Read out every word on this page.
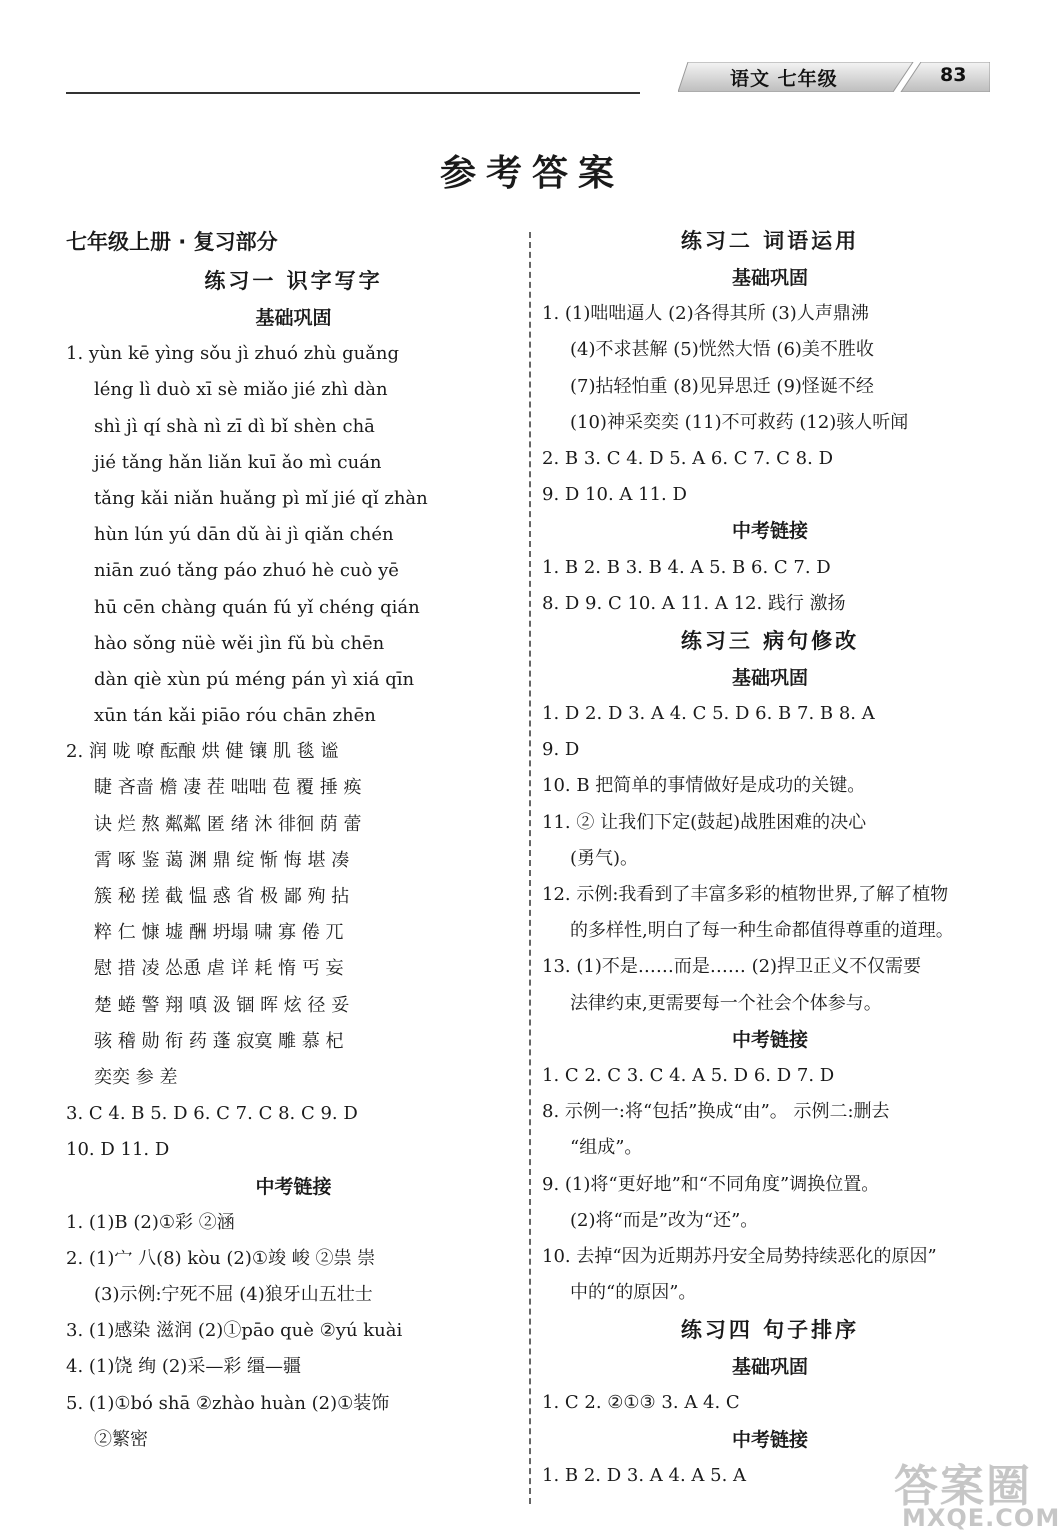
语文 七年级	83
参考答案
七年级上册 · 复习部分
练习一 识字写字
基础巩固
1. yùn kē yìng sǒu jì zhuó zhù guǎng
léng lì duò xī sè miǎo jié zhì dàn
shì jì qí shà nì zī dì bǐ shèn chā
jié tǎng hǎn liǎn kuī ǎo mì cuán
tǎng kǎi niǎn huǎng pì mǐ jié qǐ zhàn
hùn lún yú dān dǔ ài jì qiǎn chén
niān zuó tǎng páo zhuó hè cuò yē
hū cēn chàng quán fú yǐ chéng qián
hào sǒng nüè wěi jìn fǔ bù chēn
dàn qiè xùn pú méng pán yì xiá qīn
xūn tán kǎi piāo róu chān zhēn
2. 润 咙 嘹 酝酿 烘 健 镶 肌 毯 谧
睫 吝啬 檐 凄 茬 咄咄 苞 覆 捶 痪
诀 烂 熬 粼粼 匿 绪 沐 徘徊 荫 蕾
霄 啄 鉴 蔼 渊 鼎 绽 惭 悔 堪 凑
簇 秘 搓 截 愠 惑 省 极 鄙 殉 拈
粹 仁 慷 墟 酬 坍塌 啸 寡 倦 兀
慰 措 凌 怂恿 虐 详 耗 惰 丐 妄
楚 蜷 警 翔 嗔 汲 锢 晖 炫 径 妥
骇 稽 勋 衔 药 蓬 寂寞 雕 慕 杞
奕奕 参 差
3. C 4. B 5. D 6. C 7. C 8. C 9. D
10. D 11. D
中考链接
1. (1)B (2)①彩 ②涵
2. (1)宀 八(8) kòu (2)①竣 峻 ②祟 崇
(3)示例:宁死不屈 (4)狼牙山五壮士
3. (1)感染 滋润 (2)①pāo què ②yú kuài
4. (1)饶 绚 (2)采—彩 缰—疆
5. (1)①bó shā ②zhào huàn (2)①装饰
②繁密
练习二 词语运用
基础巩固
1. (1)咄咄逼人 (2)各得其所 (3)人声鼎沸
(4)不求甚解 (5)恍然大悟 (6)美不胜收
(7)拈轻怕重 (8)见异思迁 (9)怪诞不经
(10)神采奕奕 (11)不可救药 (12)骇人听闻
2. B 3. C 4. D 5. A 6. C 7. C 8. D
9. D 10. A 11. D
中考链接
1. B 2. B 3. B 4. A 5. B 6. C 7. D
8. D 9. C 10. A 11. A 12. 践行 激扬
练习三 病句修改
基础巩固
1. D 2. D 3. A 4. C 5. D 6. B 7. B 8. A
9. D
10. B 把简单的事情做好是成功的关键。
11. ② 让我们下定(鼓起)战胜困难的决心
(勇气)。
12. 示例:我看到了丰富多彩的植物世界,了解了植物
的多样性,明白了每一种生命都值得尊重的道理。
13. (1)不是……而是…… (2)捍卫正义不仅需要
法律约束,更需要每一个社会个体参与。
中考链接
1. C 2. C 3. C 4. A 5. D 6. D 7. D
8. 示例一:将“包括”换成“由”。 示例二:删去
“组成”。
9. (1)将“更好地”和“不同角度”调换位置。
(2)将“而是”改为“还”。
10. 去掉“因为近期苏丹安全局势持续恶化的原因”
中的“的原因”。
练习四 句子排序
基础巩固
1. C 2. ②①③ 3. A 4. C
中考链接
1. B 2. D 3. A 4. A 5. A	答案圈
MXQE.COM
